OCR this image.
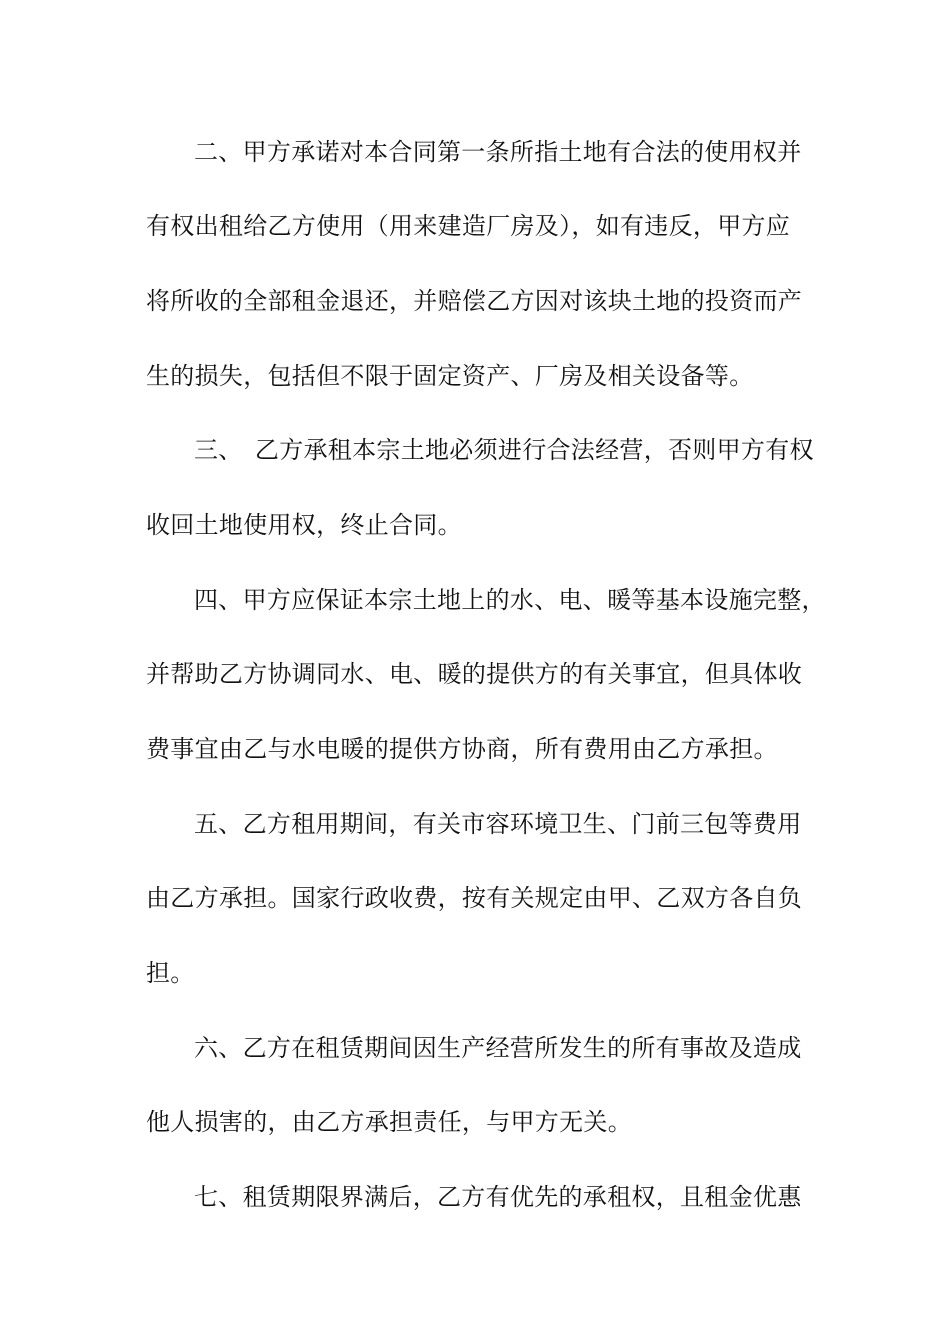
二、甲方承诺对本合同第一条所指土地有合法的使用权并
有权出租给乙方使用（用来建造厂房及），如有违反，甲方应
将所收的全部租金退还，并赔偿乙方因对该块土地的投资而产
生的损失，包括但不限于固定资产、厂房及相关设备等。
三、　乙方承租本宗土地必须进行合法经营，否则甲方有权
收回土地使用权，终止合同。
四、甲方应保证本宗土地上的水、电、暖等基本设施完整，
并帮助乙方协调同水、电、暖的提供方的有关事宜，但具体收
费事宜由乙与水电暖的提供方协商，所有费用由乙方承担。
五、乙方租用期间，有关市容环境卫生、门前三包等费用
由乙方承担。国家行政收费，按有关规定由甲、乙双方各自负
担。
六、乙方在租赁期间因生产经营所发生的所有事故及造成
他人损害的，由乙方承担责任，与甲方无关。
七、租赁期限界满后，乙方有优先的承租权，且租金优惠
